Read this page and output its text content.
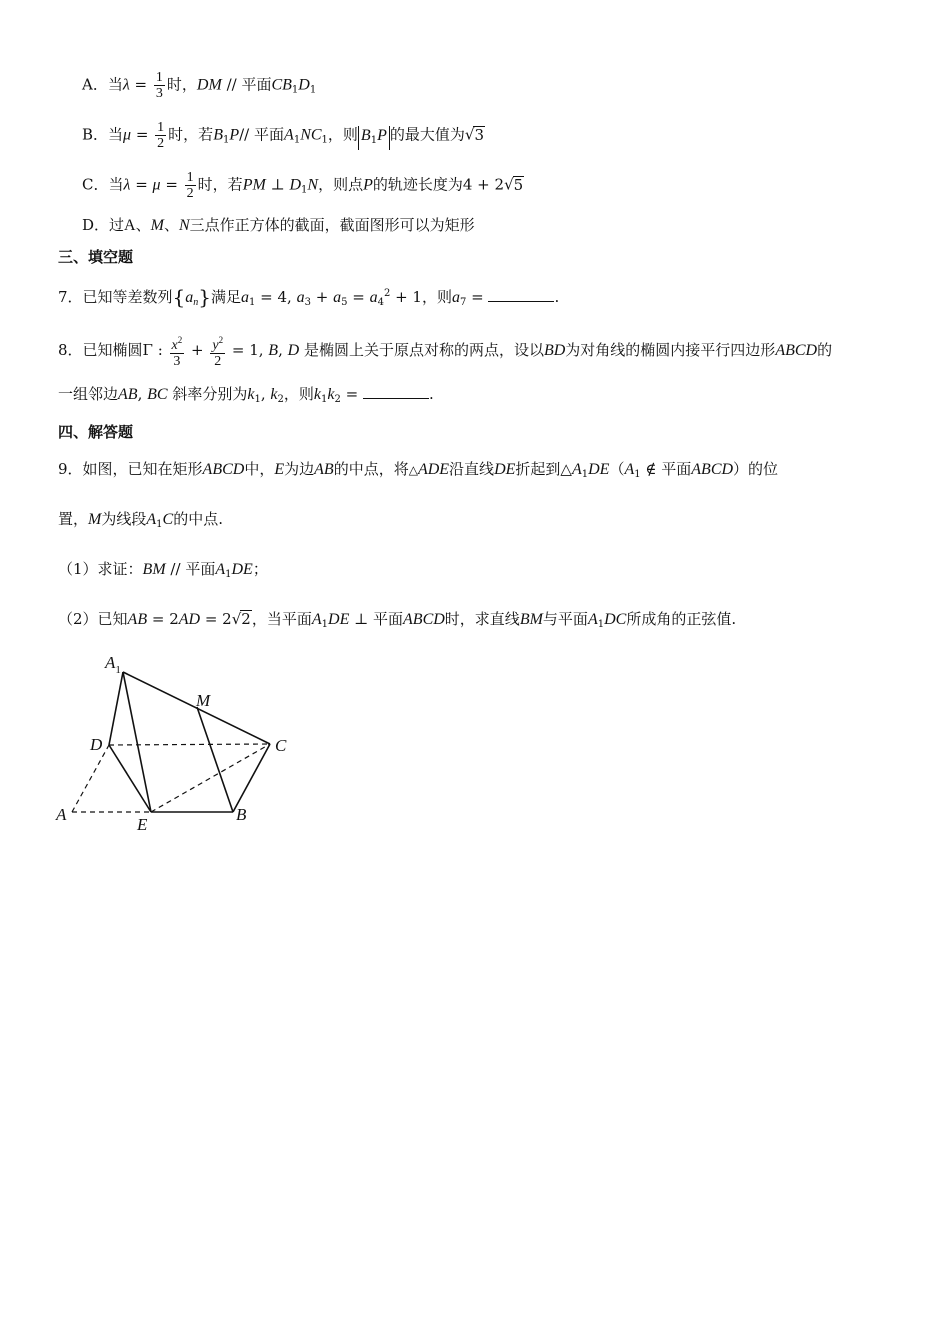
A．当$\lambda = \frac{1}{3}$ 时，DM // 平面$CB_1D_1$
B．当$\mu = \frac{1}{2}$ 时，若$B_1P//$ 平面$A_1NC_1$，则 $B_1P$ 的最大值为√3
C．当$\lambda = \mu = \frac{1}{2}$ 时，若PM ⊥ $D_1N$，则点P的轨迹长度为4 + 2√5
D．过A、M、N三点作正方体的截面，截面图形可以为矩形
三、填空题
7．已知等差数列$\{a_n\}$满足$a_1 = 4$, $a_3 + a_5 = a_4^2 + 1$，则$a_7$ =	.
8．已知椭圆Γ : $\frac{x^2}{3} + \frac{y^2}{2} = 1$, B, D 是椭圆上关于原点对称的两点，设以BD为对角线的椭圆内接平行四边形ABCD的
一组邻边AB, BC 斜率分别为$k_1$, $k_2$，则$k_1k_2$ =	.
四、解答题
9．如图，已知在矩形ABCD中，E为边AB的中点，将△ADE沿直线DE折起到$\triangle A_1DE(A_1$ ∉ 平面ABCD）的位
置，M为线段$A_1C$的中点.
（1）求证：BM // 平面$A_1DE$；
（2）已知AB = 2AD = 2√2，当平面$A_1DE$ ⊥ 平面ABCD时，求直线BM与平面$A_1DC$所成角的正弦值.
$A_1$
M
D	C
A
E
B
